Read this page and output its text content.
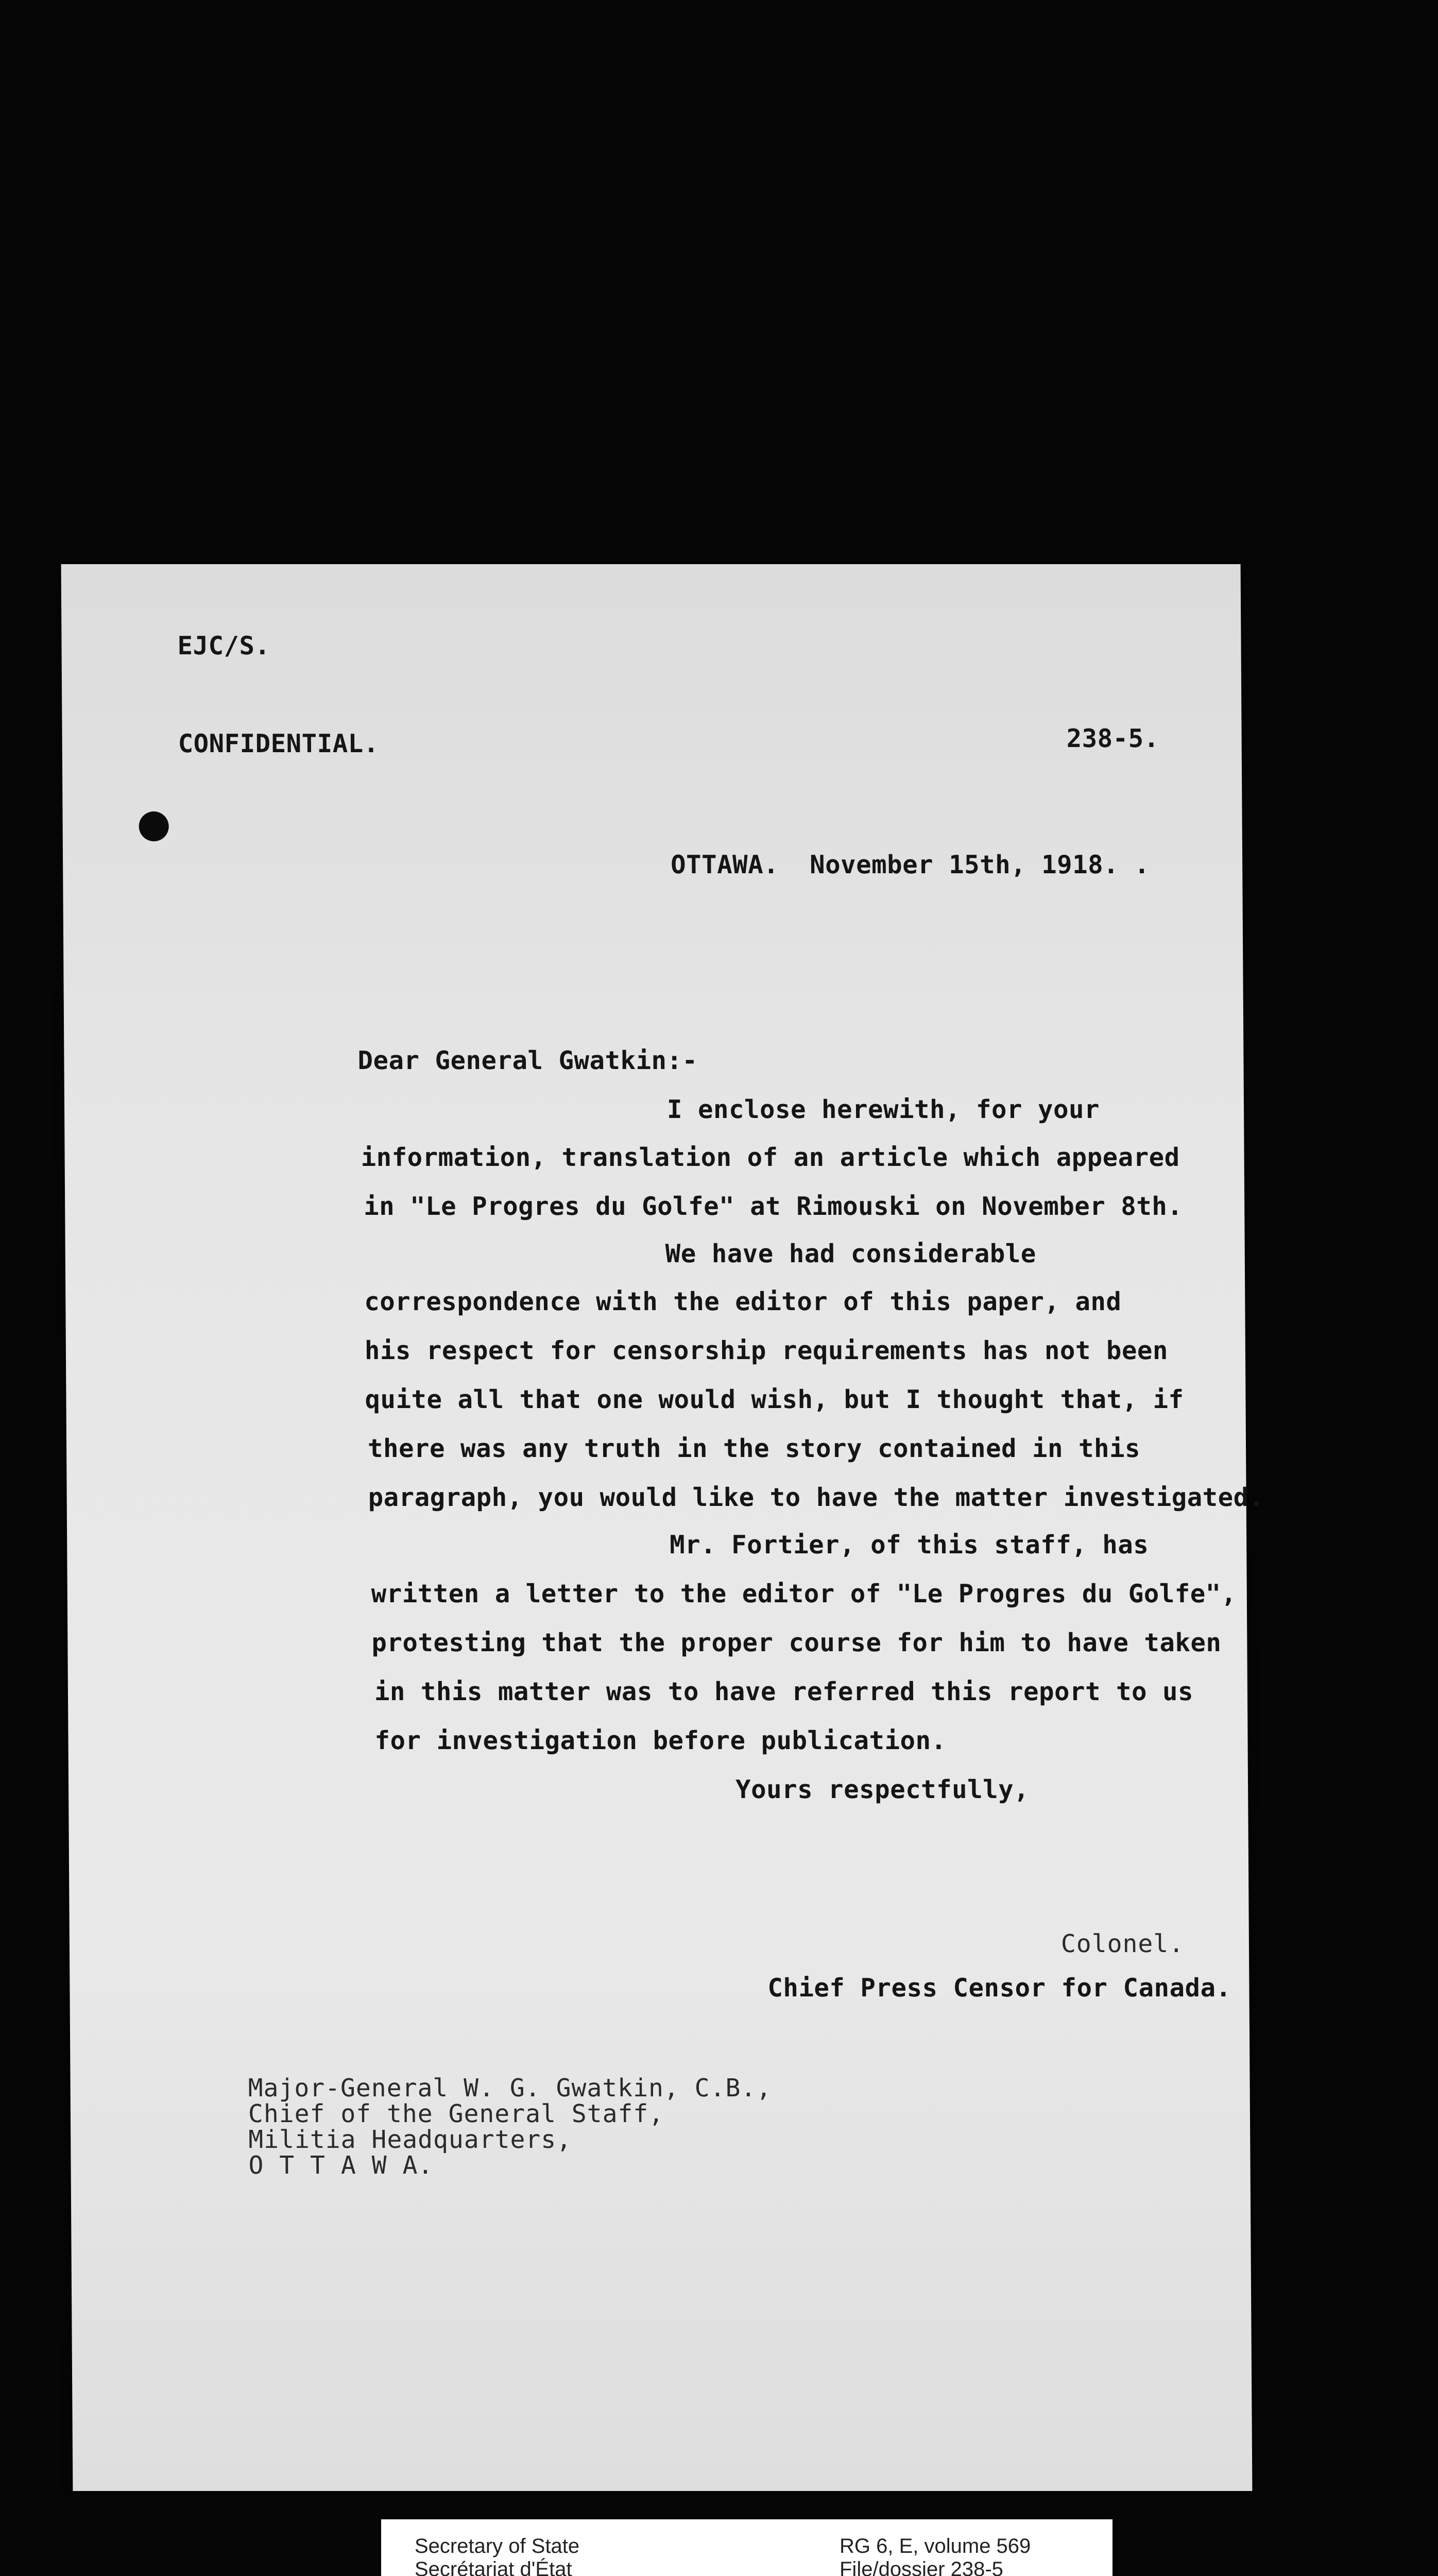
EJC/S.
CONFIDENTIAL.	238-5.
OTTAWA.  November 15th, 1918. .
Dear General Gwatkin:-
I enclose herewith, for your
information, translation of an article which appeared
in "Le Progres du Golfe" at Rimouski on November 8th.
We have had considerable
correspondence with the editor of this paper, and
his respect for censorship requirements has not been
quite all that one would wish, but I thought that, if
there was any truth in the story contained in this
paragraph, you would like to have the matter investigated.
Mr. Fortier, of this staff, has
written a letter to the editor of "Le Progres du Golfe",
protesting that the proper course for him to have taken
in this matter was to have referred this report to us
for investigation before publication.
Yours respectfully,
Colonel.
Chief Press Censor for Canada.
Major-General W. G. Gwatkin, C.B.,
Chief of the General Staff,
Militia Headquarters,
O T T A W A.
Secretary of State
Secrétariat d'État
RG 6, E, volume 569
File/dossier 238-5
